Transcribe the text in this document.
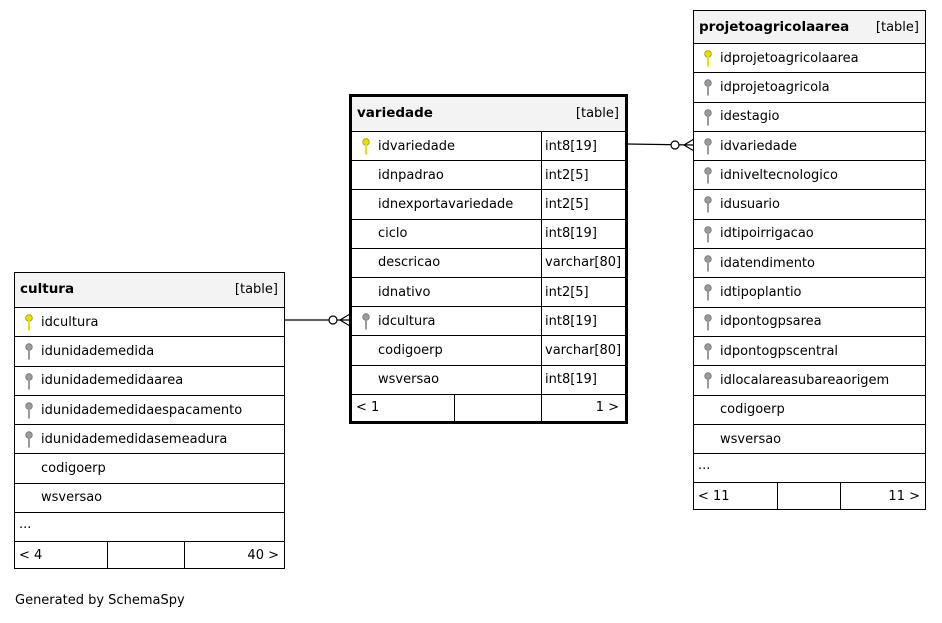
cultura	[table]
idcultura
idunidademedida
idunidademedidaarea
idunidademedidaespacamento
idunidademedidasemeadura
codigoerp
wsversao
...
< 4	40 >
variedade	[table]
idvariedade	int8[19]
idnpadrao	int2[5]
idnexportavariedade	int2[5]
ciclo	int8[19]
descricao	varchar[80]
idnativo	int2[5]
idcultura	int8[19]
codigoerp	varchar[80]
wsversao	int8[19]
< 1	1 >
projetoagricolaarea [table]
idprojetoagricolaarea
idprojetoagricola
idestagio
idvariedade
idniveltecnologico
idusuario
idtipoirrigacao
idatendimento
idtipoplantio
idpontogpsarea
idpontogpscentral
idlocalareasubareaorigem
codigoerp
wsversao
...
< 11	11 >
Generated by SchemaSpy
